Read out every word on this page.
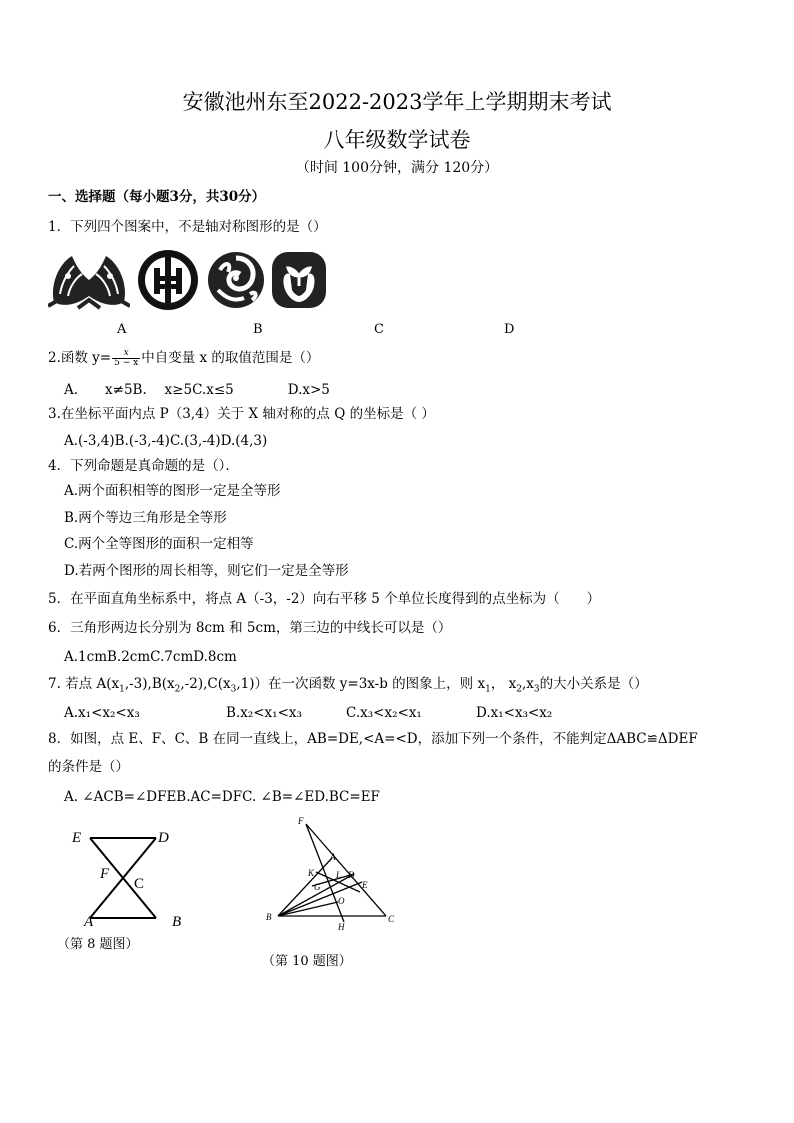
安徽池州东至2022-2023学年上学期期末考试
八年级数学试卷
（时间 100分钟，满分 120分）
一、选择题（每小题3分，共30分）
1．下列四个图案中，不是轴对称图形的是（）
A	B	C	D
2.函数 $y= \frac{x}{5 - x}$ 中自变量 x 的取值范围是（）
A.　　x≠5B.　 x≥5C.x≤5　　　　D.x>5
3.在坐标平面内点 P（3,4）关于 X 轴对称的点 Q 的坐标是（ ）
A.(-3,4)B.(-3,-4)C.(3,-4)D.(4,3)
4．下列命题是真命题的是（）．
A.两个面积相等的图形一定是全等形
B.两个等边三角形是全等形
C.两个全等图形的面积一定相等
D.若两个图形的周长相等，则它们一定是全等形
5．在平面直角坐标系中，将点 A（-3，-2）向右平移 5 个单位长度得到的点坐标为（　　）
6．三角形两边长分别为 8cm 和 5cm，第三边的中线长可以是（）
A.1cmB.2cmC.7cmD.8cm
7. 若点 $A(x_1,-3),B(x_2,-2),C(x_3,1)$）在一次函数 y=3x-b 的图象上，则 $x_1$， $x_2,x_3$的大小关系是（）
A.x₁<x₂<x₃	B.x₂<x₁<x₃	C.x₃<x₂<x₁	D.x₁<x₃<x₂
8．如图，点 E、F、C、B 在同一直线上，AB=DE,<A=<D，添加下列一个条件，不能判定ΔABC≌ΔDEF
的条件是（）
A. ∠ACB=∠DFEB.AC=DFC. ∠B=∠ED.BC=EF
E	D
F
C
A	B
（第 8 题图）
F
A
K L D
G	E
O
B
H
C
（第 10 题图）
